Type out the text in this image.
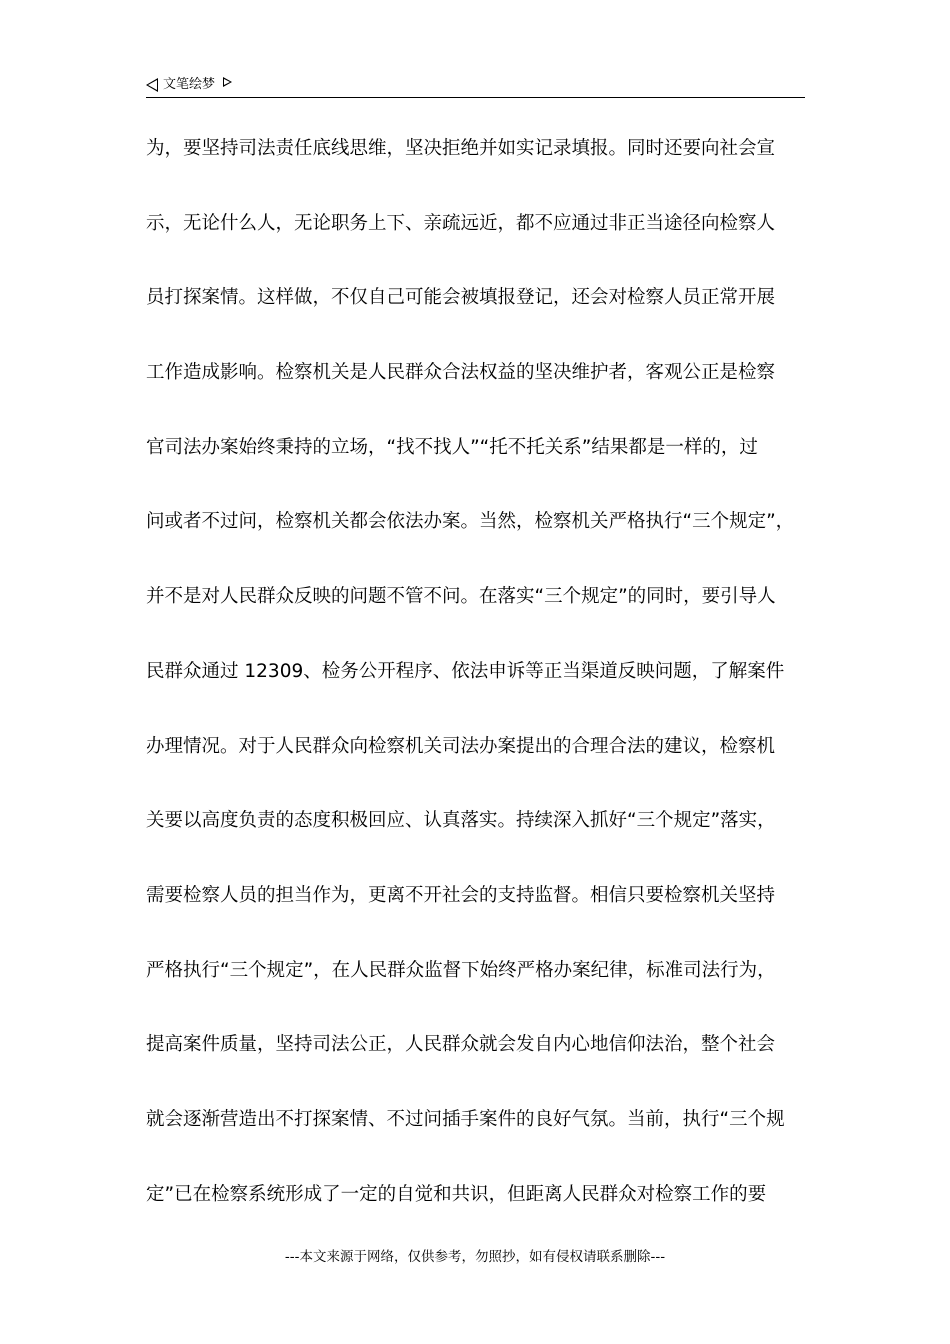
文笔绘梦
为，要坚持司法责任底线思维，坚决拒绝并如实记录填报。同时还要向社会宣
示，无论什么人，无论职务上下、亲疏远近，都不应通过非正当途径向检察人
员打探案情。这样做，不仅自己可能会被填报登记，还会对检察人员正常开展
工作造成影响。检察机关是人民群众合法权益的坚决维护者，客观公正是检察
官司法办案始终秉持的立场，“找不找人”“托不托关系”结果都是一样的，过
问或者不过问，检察机关都会依法办案。当然，检察机关严格执行“三个规定”，
并不是对人民群众反映的问题不管不问。在落实“三个规定”的同时，要引导人
民群众通过 12309、检务公开程序、依法申诉等正当渠道反映问题，了解案件
办理情况。对于人民群众向检察机关司法办案提出的合理合法的建议，检察机
关要以高度负责的态度积极回应、认真落实。持续深入抓好“三个规定”落实，
需要检察人员的担当作为，更离不开社会的支持监督。相信只要检察机关坚持
严格执行“三个规定”，在人民群众监督下始终严格办案纪律，标准司法行为，
提高案件质量，坚持司法公正，人民群众就会发自内心地信仰法治，整个社会
就会逐渐营造出不打探案情、不过问插手案件的良好气氛。当前，执行“三个规
定”已在检察系统形成了一定的自觉和共识，但距离人民群众对检察工作的要
---本文来源于网络，仅供参考，勿照抄，如有侵权请联系删除---
